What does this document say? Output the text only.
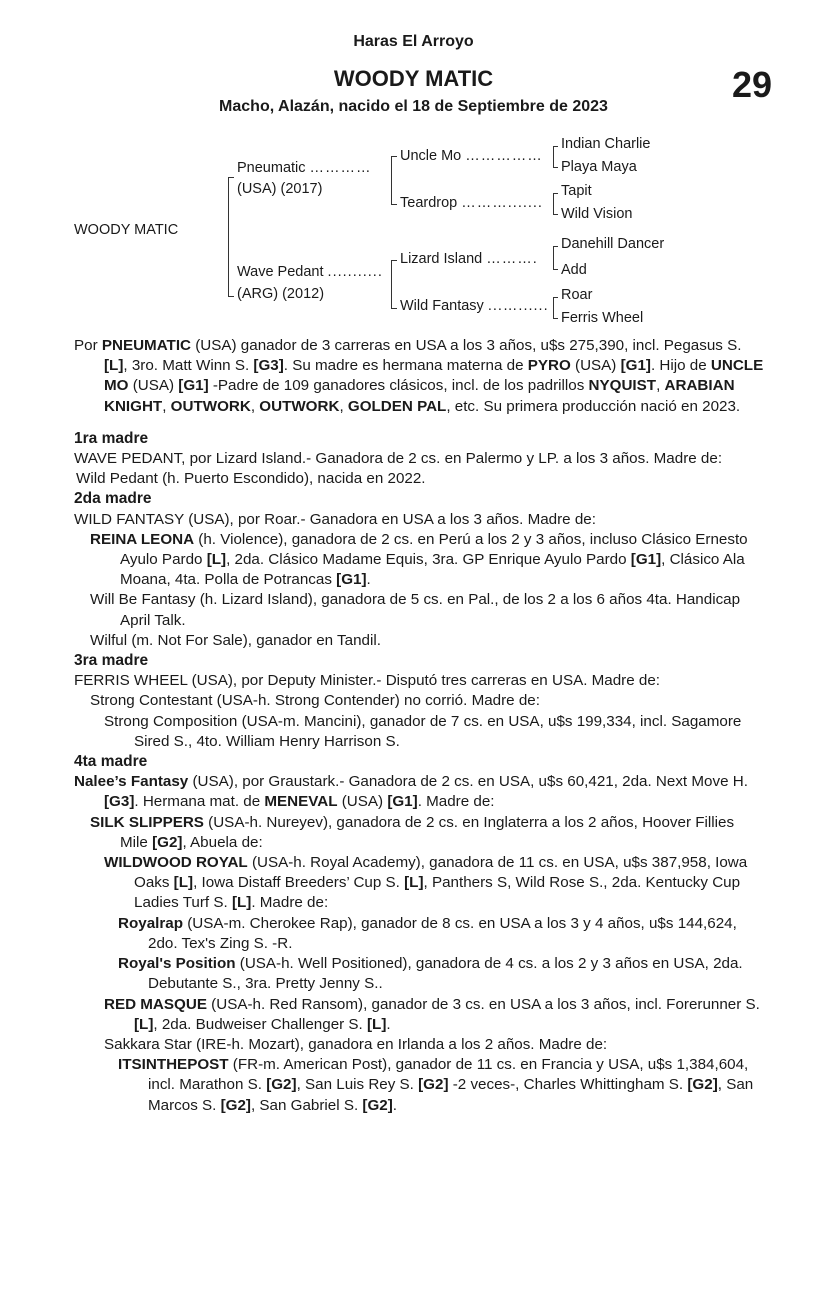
Haras El Arroyo
WOODY MATIC
Macho, Alazán, nacido el 18 de Septiembre de 2023
29
WOODY MATIC
Pneumatic …………
(USA) (2017)
Wave Pedant ...........
(ARG) (2012)
Uncle Mo ……………
Teardrop ……….......
Lizard Island ……….
Wild Fantasy ...…......
Indian Charlie
Playa Maya
Tapit
Wild Vision
Danehill Dancer
Add
Roar
Ferris Wheel

Por PNEUMATIC (USA) ganador de 3 carreras en USA a los 3 años, u$s 275,390, incl. Pegasus S. [L], 3ro. Matt Winn S. [G3]. Su madre es hermana materna de PYRO (USA) [G1]. Hijo de UNCLE MO (USA) [G1] -Padre de 109 ganadores clásicos, incl. de los padrillos NYQUIST, ARABIAN KNIGHT, OUTWORK, OUTWORK, GOLDEN PAL, etc. Su primera producción nació en 2023.

1ra madre

WAVE PEDANT, por Lizard Island.- Ganadora de 2 cs. en Palermo y LP. a los 3 años. Madre de:

Wild Pedant (h. Puerto Escondido), nacida en 2022.

2da madre

WILD FANTASY (USA), por Roar.- Ganadora en USA a los 3 años. Madre de:

REINA LEONA (h. Violence), ganadora de 2 cs. en Perú a los 2 y 3 años, incluso Clásico Ernesto Ayulo Pardo [L], 2da. Clásico Madame Equis, 3ra. GP Enrique Ayulo Pardo [G1], Clásico Ala Moana, 4ta. Polla de Potrancas [G1].

Will Be Fantasy (h. Lizard Island), ganadora de 5 cs. en Pal., de los 2 a los 6 años 4ta. Handicap April Talk.

Wilful (m. Not For Sale), ganador en Tandil.

3ra madre

FERRIS WHEEL (USA), por Deputy Minister.- Disputó tres carreras en USA. Madre de:

Strong Contestant (USA-h. Strong Contender) no corrió. Madre de:

Strong Composition (USA-m. Mancini), ganador de 7 cs. en USA, u$s 199,334, incl. Sagamore Sired S., 4to. William Henry Harrison S.

4ta madre

Nalee’s Fantasy (USA), por Graustark.- Ganadora de 2 cs. en USA, u$s 60,421, 2da. Next Move H. [G3]. Hermana mat. de MENEVAL (USA) [G1]. Madre de:

SILK SLIPPERS (USA-h. Nureyev), ganadora de 2 cs. en Inglaterra a los 2 años, Hoover Fillies Mile [G2], Abuela de:

WILDWOOD ROYAL (USA-h. Royal Academy), ganadora de 11 cs. en USA, u$s 387,958, Iowa Oaks [L], Iowa Distaff Breeders’ Cup S. [L], Panthers S, Wild Rose S., 2da. Kentucky Cup Ladies Turf S. [L]. Madre de:

Royalrap (USA-m. Cherokee Rap), ganador de 8 cs. en USA a los 3 y 4 años, u$s 144,624, 2do. Tex's Zing S. -R.

Royal's Position (USA-h. Well Positioned), ganadora de 4 cs. a los 2 y 3 años en USA, 2da. Debutante S., 3ra. Pretty Jenny S..

RED MASQUE (USA-h. Red Ransom), ganador de 3 cs. en USA a los 3 años, incl. Forerunner S. [L], 2da. Budweiser Challenger S. [L].

Sakkara Star (IRE-h. Mozart), ganadora en Irlanda a los 2 años. Madre de:

ITSINTHEPOST (FR-m. American Post), ganador de 11 cs. en Francia y USA, u$s 1,384,604, incl. Marathon S. [G2], San Luis Rey S. [G2] -2 veces-, Charles Whittingham S. [G2], San Marcos S. [G2], San Gabriel S. [G2].
